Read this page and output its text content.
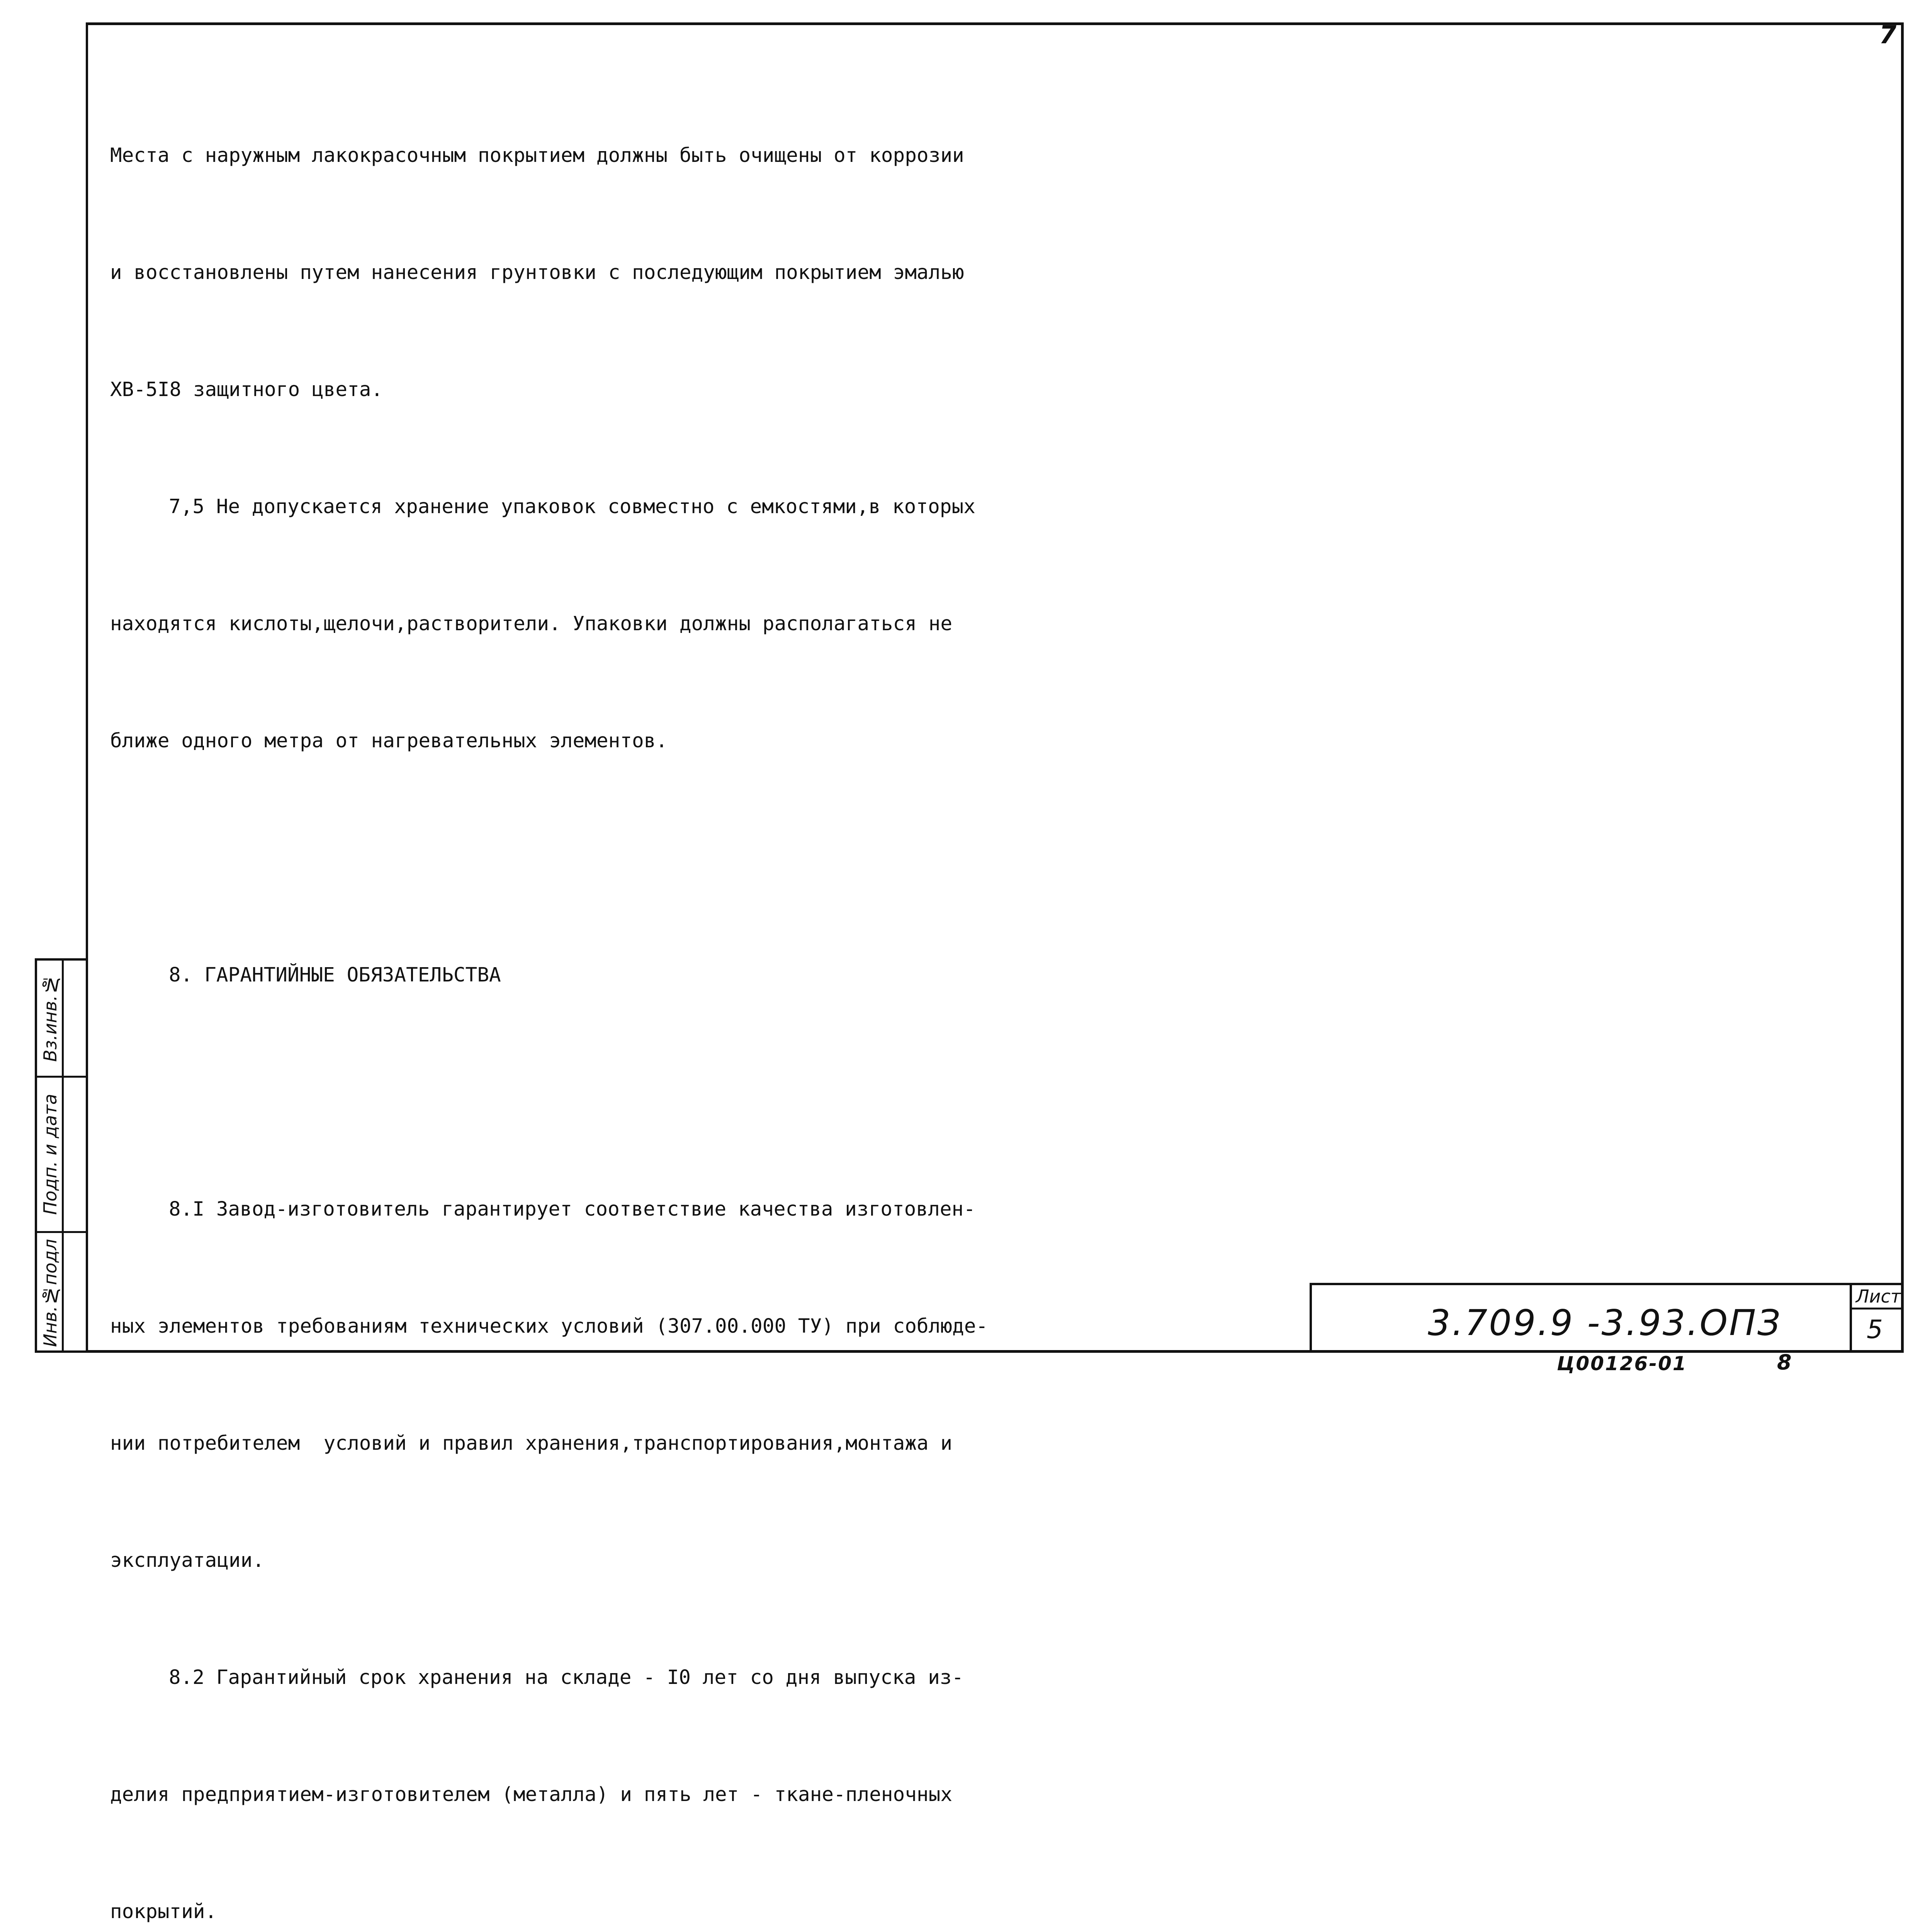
7

Места с наружным лакокрасочным покрытием должны быть очищены от коррозии

и восстановлены путем нанесения грунтовки с последующим покрытием эмалью

ХВ-5I8 защитного цвета.

7,5 Не допускается хранение упаковок совместно с емкостями,в которых

находятся кислоты,щелочи,растворители. Упаковки должны располагаться не

ближе одного метра от нагревательных элементов.

8. ГАРАНТИЙНЫЕ ОБЯЗАТЕЛЬСТВА

8.I Завод-изготовитель гарантирует соответствие качества изготовлен-

ных элементов требованиям технических условий (307.00.000 ТУ) при соблюде-

нии потребителем  условий и правил хранения,транспортирования,монтажа и

эксплуатации.

8.2 Гарантийный срок хранения на складе - I0 лет со дня выпуска из-

делия предприятием-изготовителем (металла) и пять лет - ткане-пленочных

покрытий.

Вз.инв.№
Подп. и дата
Инв.№подл	3.709.9 -3.93.ОПЗ
Лист
5
Ц00126-01	8
